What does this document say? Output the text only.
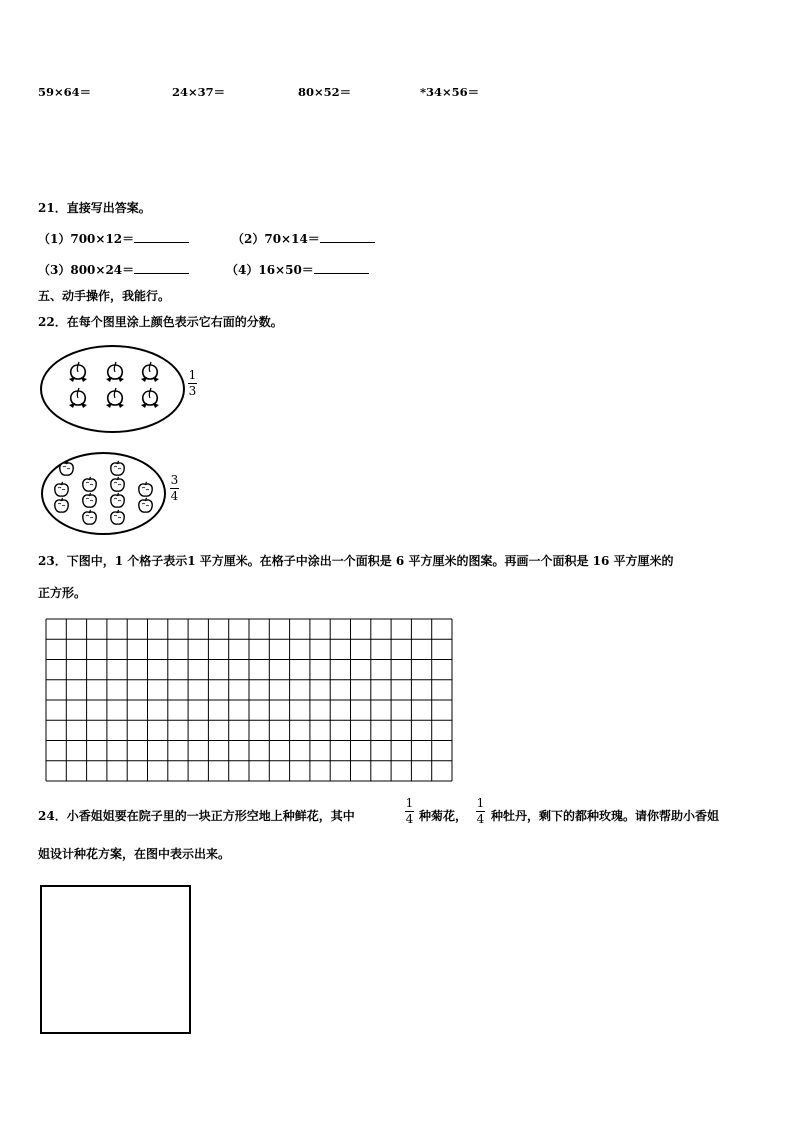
59×64＝	24×37＝	80×52＝	*34×56＝
21．直接写出答案。
（1）700×12＝	（2）70×14＝
（3）800×24＝	（4）16×50＝
五、动手操作，我能行。
22．在每个图里涂上颜色表示它右面的分数。
1
3
3
4
23．下图中，1 个格子表示1 平方厘米。在格子中涂出一个面积是 6 平方厘米的图案。再画一个面积是 16 平方厘米的
正方形。
24．小香姐姐要在院子里的一块正方形空地上种鲜花，其中
1
4 种菊花，
1
4 种牡丹，剩下的都种玫瑰。请你帮助小香姐
姐设计种花方案，在图中表示出来。
